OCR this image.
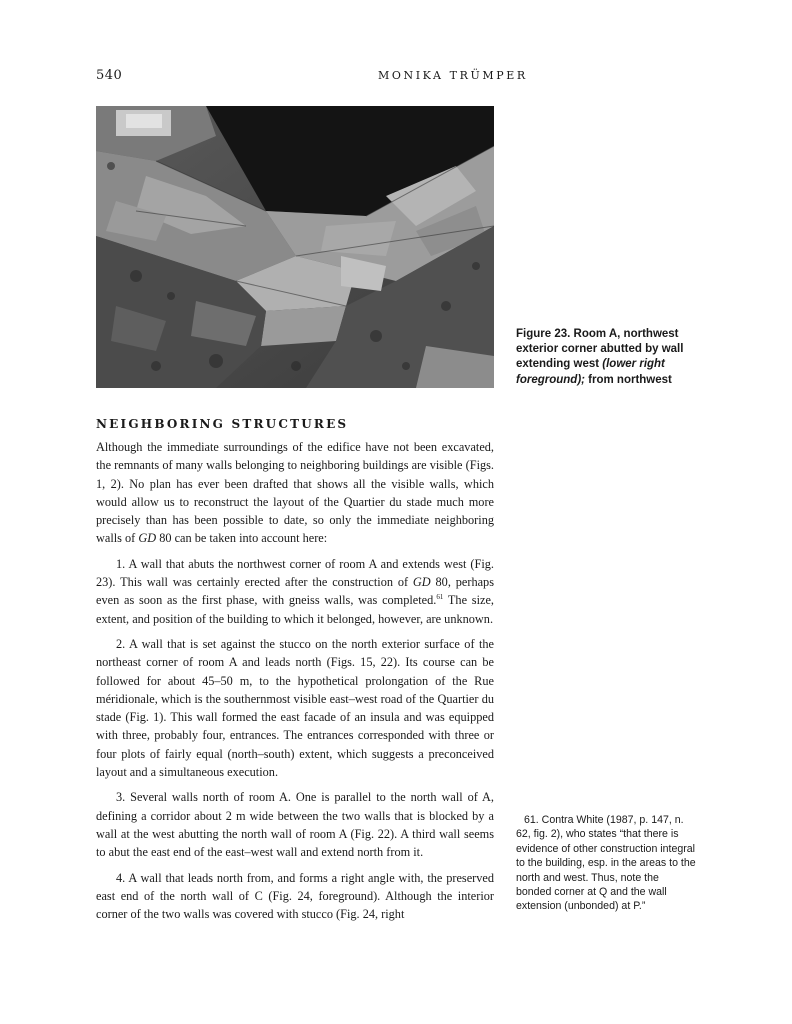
540	MONIKA TRÜMPER
Figure 23. Room A, northwest exterior corner abutted by wall extending west (lower right foreground); from northwest
NEIGHBORING STRUCTURES

Although the immediate surroundings of the edifice have not been excavated, the remnants of many walls belonging to neighboring buildings are visible (Figs. 1, 2). No plan has ever been drafted that shows all the visible walls, which would allow us to reconstruct the layout of the Quartier du stade much more precisely than has been possible to date, so only the immediate neighboring walls of GD 80 can be taken into account here:

1. A wall that abuts the northwest corner of room A and extends west (Fig. 23). This wall was certainly erected after the construction of GD 80, perhaps even as soon as the first phase, with gneiss walls, was completed.$^{61}$ The size, extent, and position of the building to which it belonged, however, are unknown.

2. A wall that is set against the stucco on the north exterior surface of the northeast corner of room A and leads north (Figs. 15, 22). Its course can be followed for about 45–50 m, to the hypothetical prolongation of the Rue méridionale, which is the southernmost visible east–west road of the Quartier du stade (Fig. 1). This wall formed the east facade of an insula and was equipped with three, probably four, entrances. The entrances corresponded with three or four plots of fairly equal (north–south) extent, which suggests a preconceived layout and a simultaneous execution.

3. Several walls north of room A. One is parallel to the north wall of A, defining a corridor about 2 m wide between the two walls that is blocked by a wall at the west abutting the north wall of room A (Fig. 22). A third wall seems to abut the east end of the east–west wall and extend north from it.

4. A wall that leads north from, and forms a right angle with, the preserved east end of the north wall of C (Fig. 24, foreground). Although the interior corner of the two walls was covered with stucco (Fig. 24, right

61. Contra White (1987, p. 147, n. 62, fig. 2), who states “that there is evidence of other construction integral to the building, esp. in the areas to the north and west. Thus, note the bonded corner at Q and the wall extension (unbonded) at P.”
